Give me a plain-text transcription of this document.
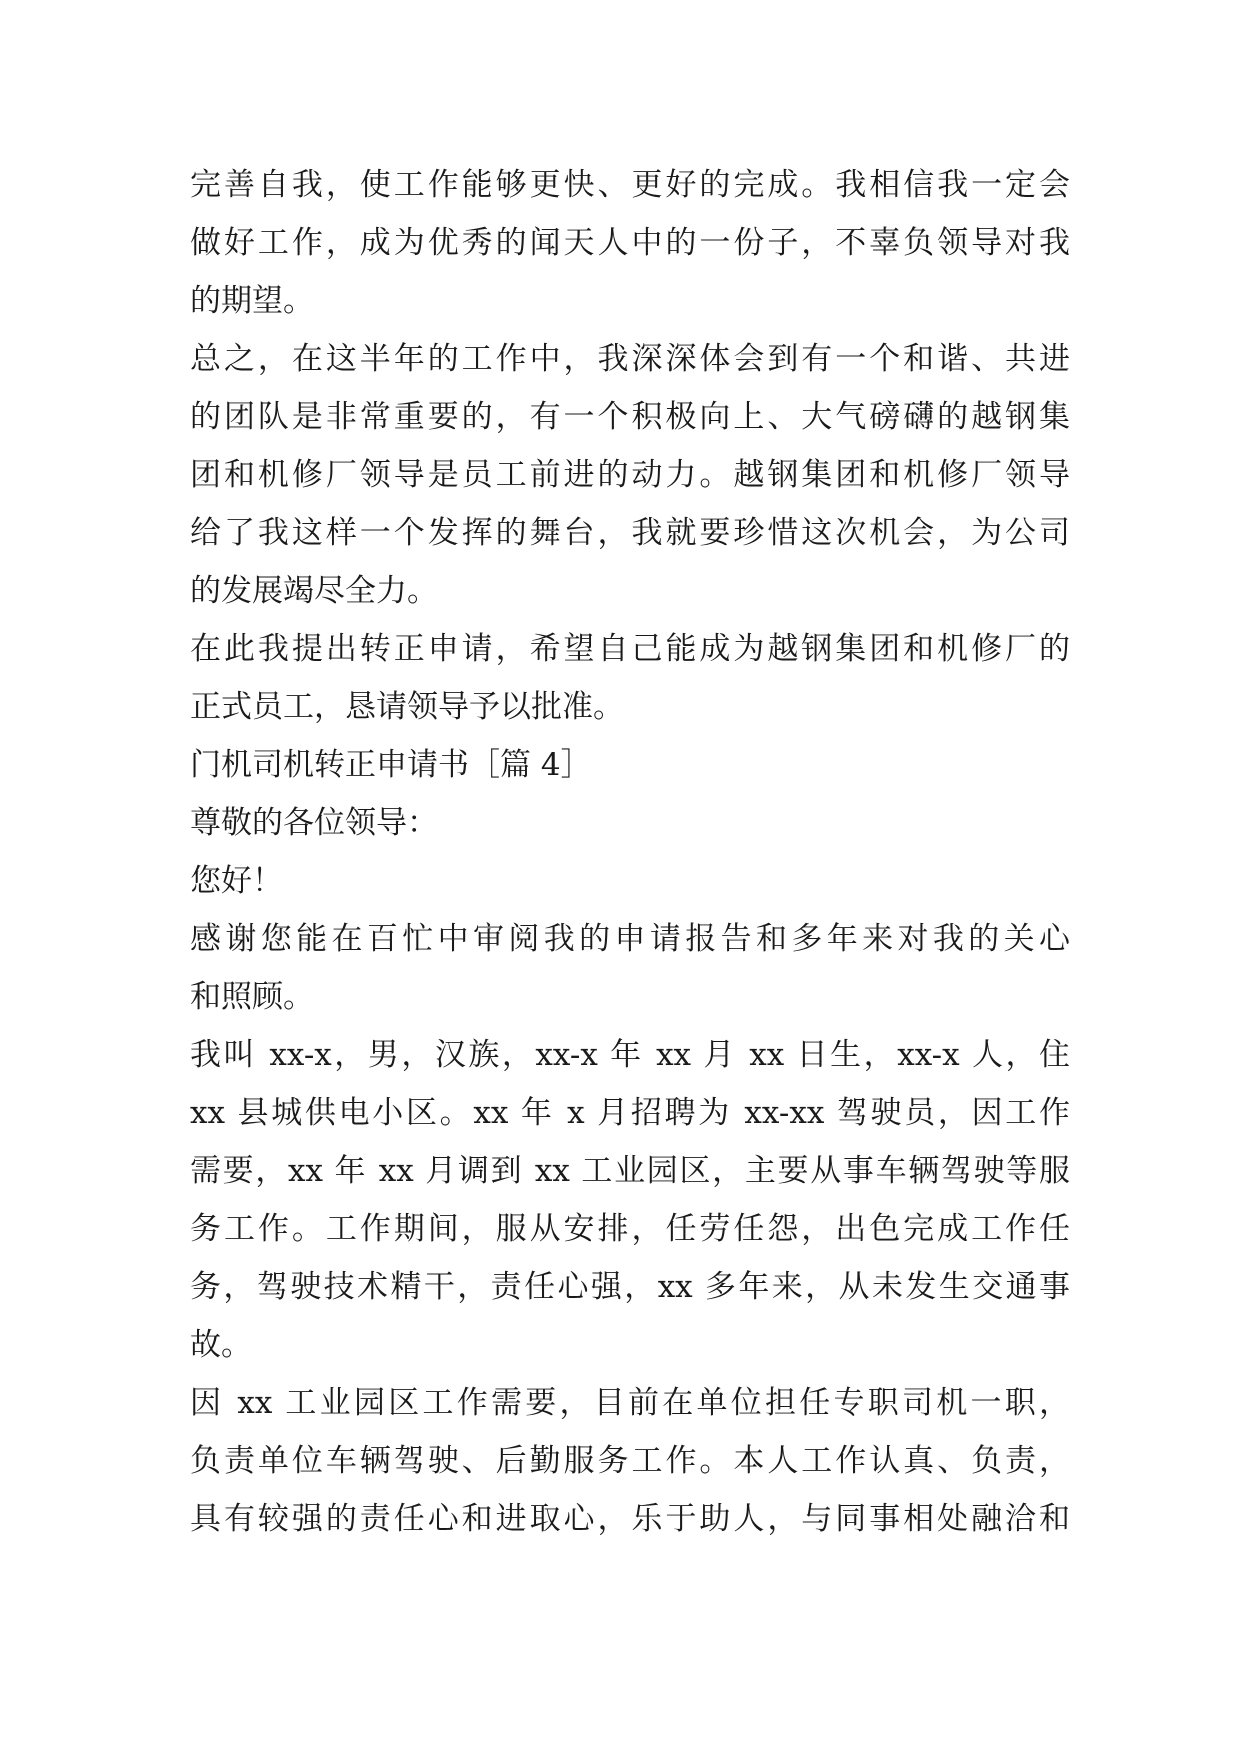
完善自我，使工作能够更快、更好的完成。我相信我一定会
做好工作，成为优秀的闻天人中的一份子，不辜负领导对我
的期望。
总之，在这半年的工作中，我深深体会到有一个和谐、共进
的团队是非常重要的，有一个积极向上、大气磅礴的越钢集
团和机修厂领导是员工前进的动力。越钢集团和机修厂领导
给了我这样一个发挥的舞台，我就要珍惜这次机会，为公司
的发展竭尽全力。
在此我提出转正申请，希望自己能成为越钢集团和机修厂的
正式员工，恳请领导予以批准。
门机司机转正申请书［篇 4］
尊敬的各位领导：
您好！
感谢您能在百忙中审阅我的申请报告和多年来对我的关心
和照顾。
我叫 xx-x，男，汉族，xx-x 年 xx 月 xx 日生，xx-x 人，住
xx 县城供电小区。xx 年 x 月招聘为 xx-xx 驾驶员，因工作
需要，xx 年 xx 月调到 xx 工业园区，主要从事车辆驾驶等服
务工作。工作期间，服从安排，任劳任怨，出色完成工作任
务，驾驶技术精干，责任心强，xx 多年来，从未发生交通事
故。
因 xx 工业园区工作需要，目前在单位担任专职司机一职，
负责单位车辆驾驶、后勤服务工作。本人工作认真、负责，
具有较强的责任心和进取心，乐于助人，与同事相处融洽和
